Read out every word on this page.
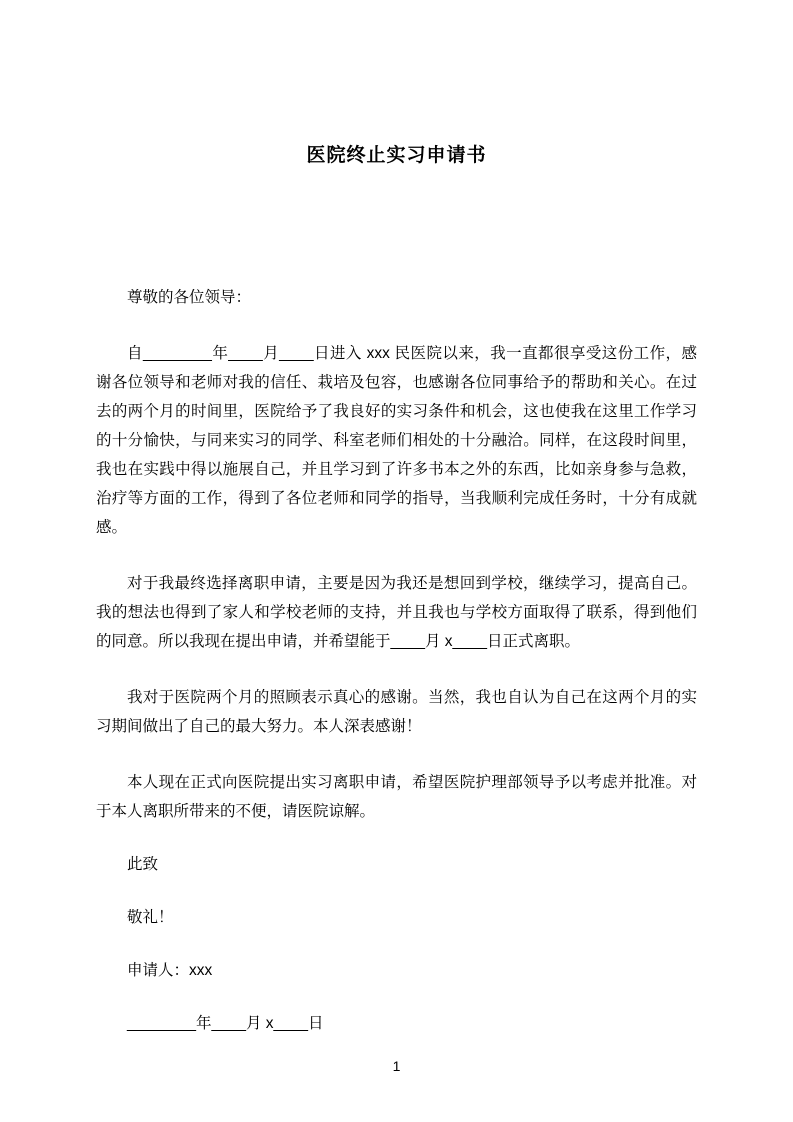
医院终止实习申请书
尊敬的各位领导：

自________年____月____日进入 xxx 民医院以来，我一直都很享受这份工作，感谢各位领导和老师对我的信任、栽培及包容，也感谢各位同事给予的帮助和关心。在过去的两个月的时间里，医院给予了我良好的实习条件和机会，这也使我在这里工作学习的十分愉快，与同来实习的同学、科室老师们相处的十分融洽。同样，在这段时间里，我也在实践中得以施展自己，并且学习到了许多书本之外的东西，比如亲身参与急救，治疗等方面的工作，得到了各位老师和同学的指导，当我顺利完成任务时，十分有成就感。

对于我最终选择离职申请，主要是因为我还是想回到学校，继续学习，提高自己。我的想法也得到了家人和学校老师的支持，并且我也与学校方面取得了联系，得到他们的同意。所以我现在提出申请，并希望能于____月 x____日正式离职。

我对于医院两个月的照顾表示真心的感谢。当然，我也自认为自己在这两个月的实习期间做出了自己的最大努力。本人深表感谢！

本人现在正式向医院提出实习离职申请，希望医院护理部领导予以考虑并批准。对于本人离职所带来的不便，请医院谅解。

此致
敬礼！
申请人：xxx
________年____月 x____日
1
